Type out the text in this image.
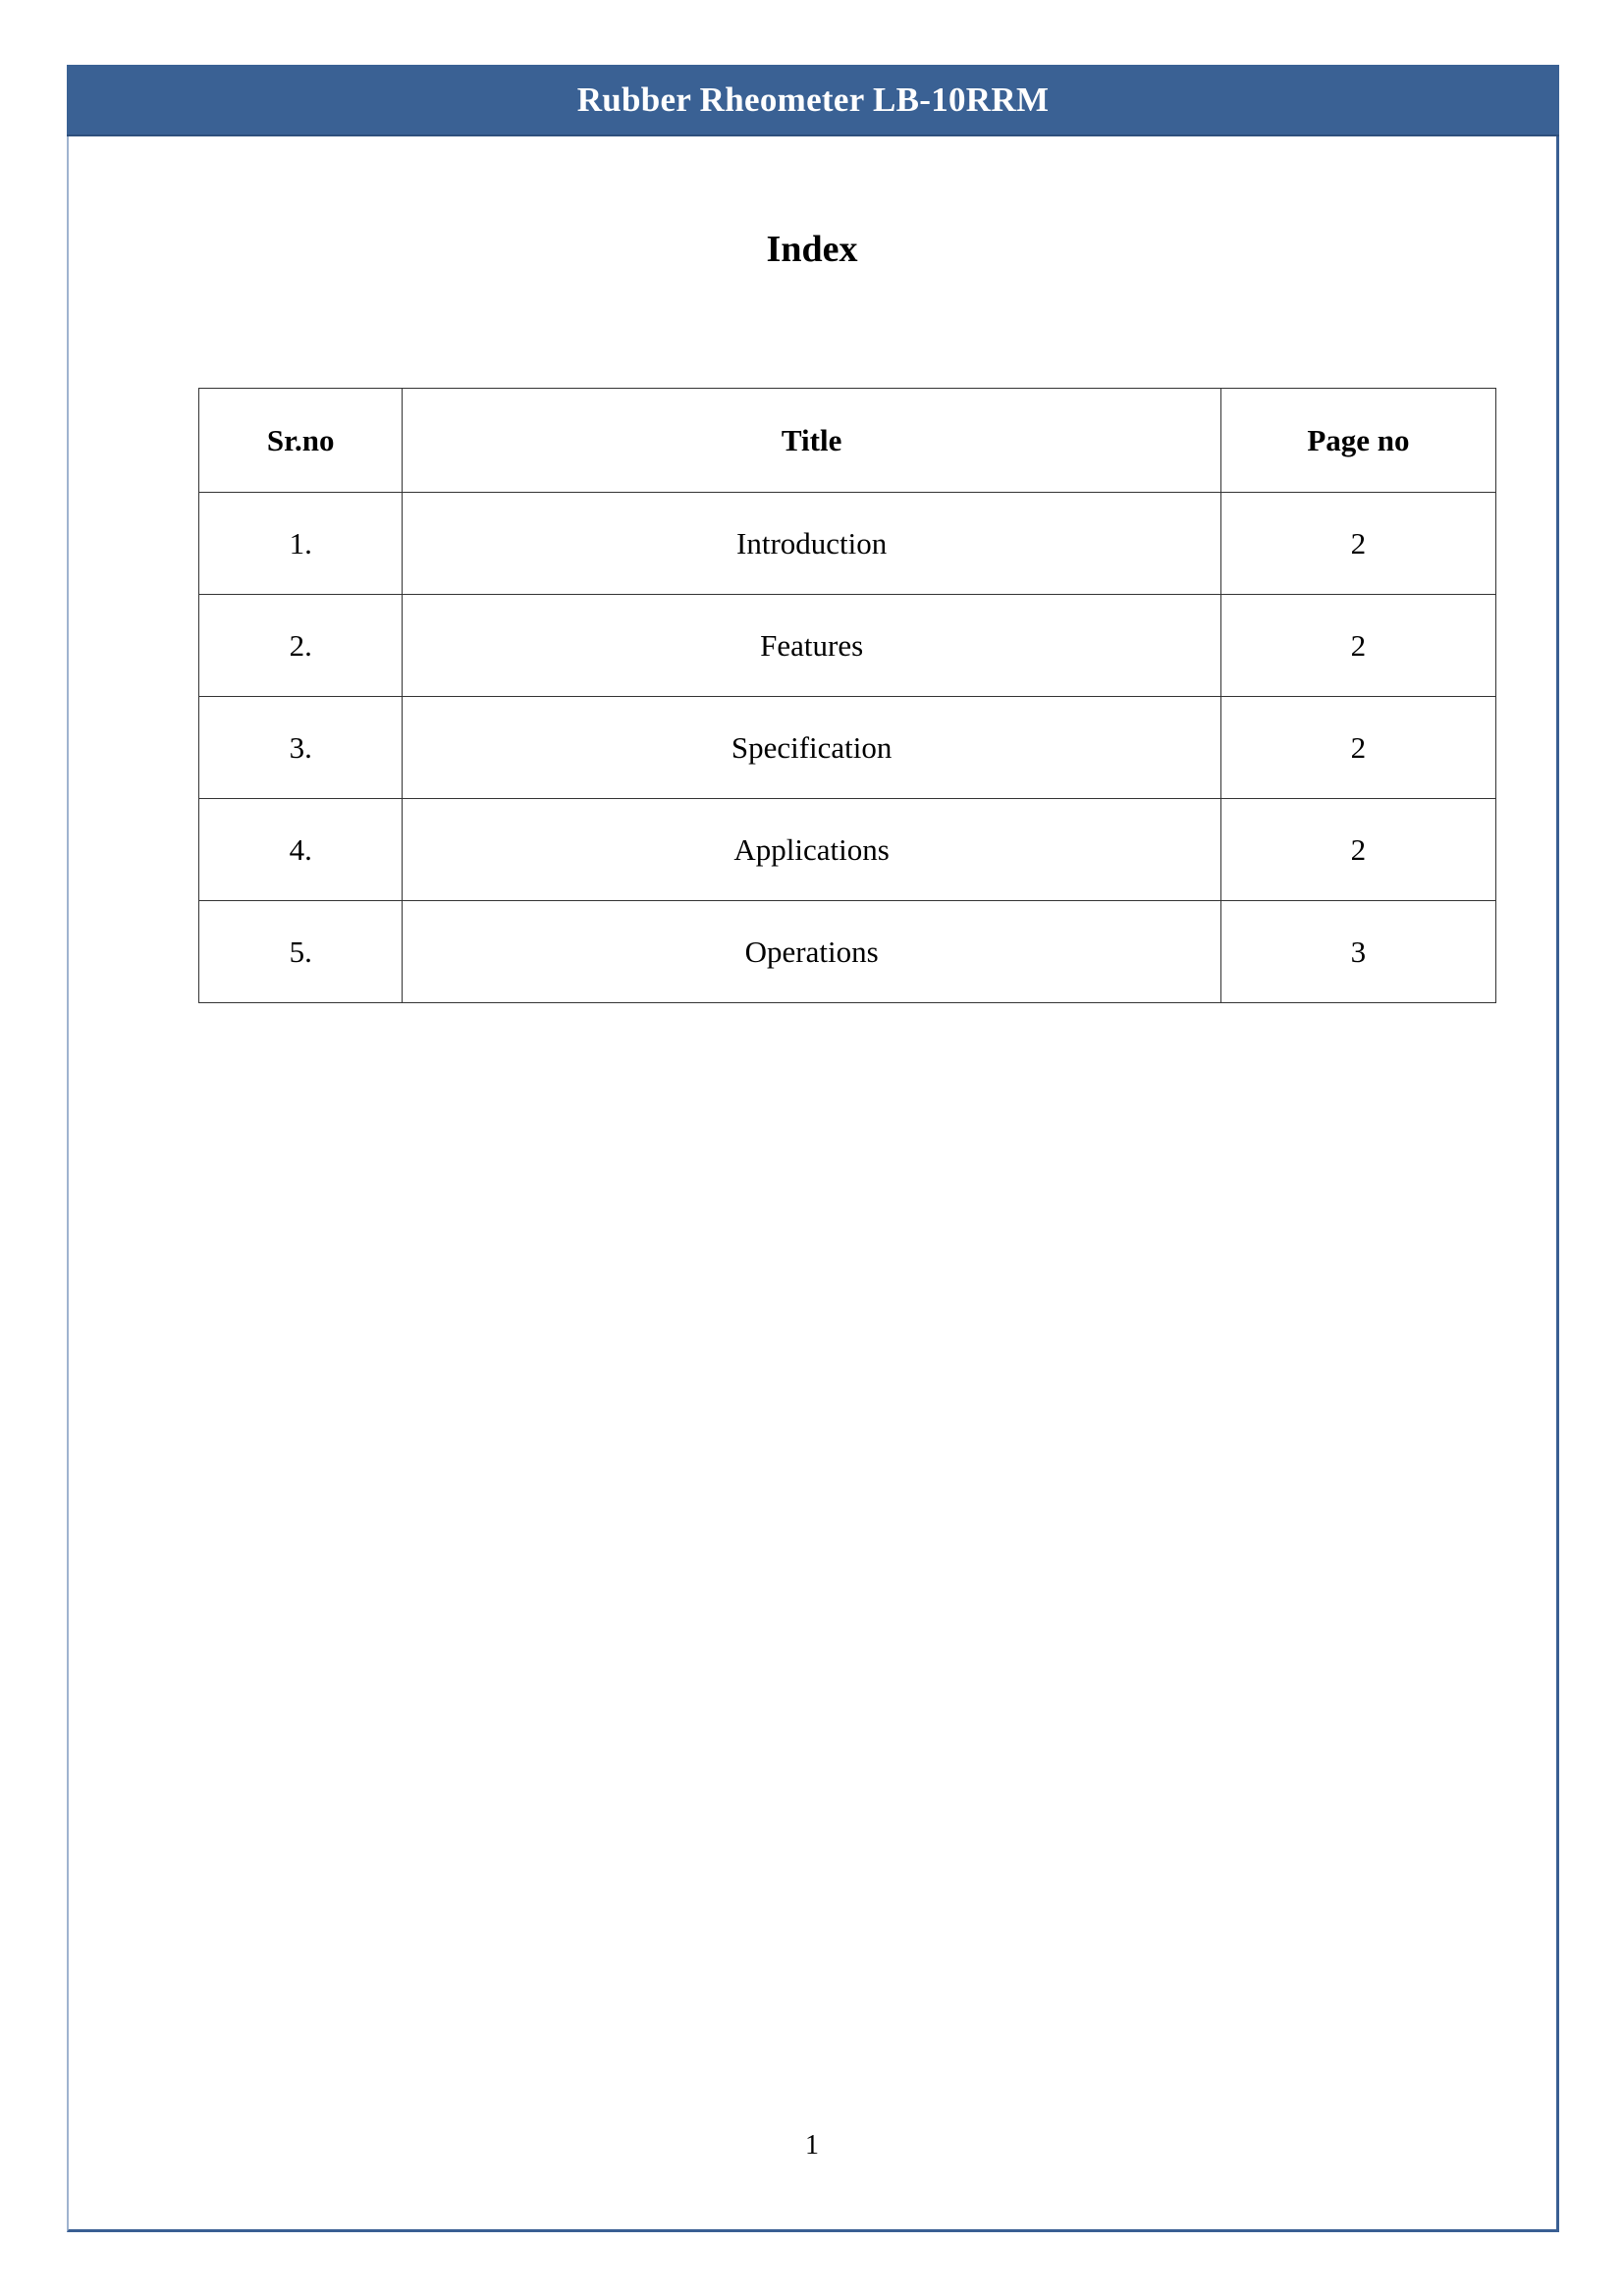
Rubber Rheometer LB-10RRM
Index
Sr.no	Title	Page no
1.	Introduction	2
2.	Features	2
3.	Specification	2
4.	Applications	2
5.	Operations	3
1
